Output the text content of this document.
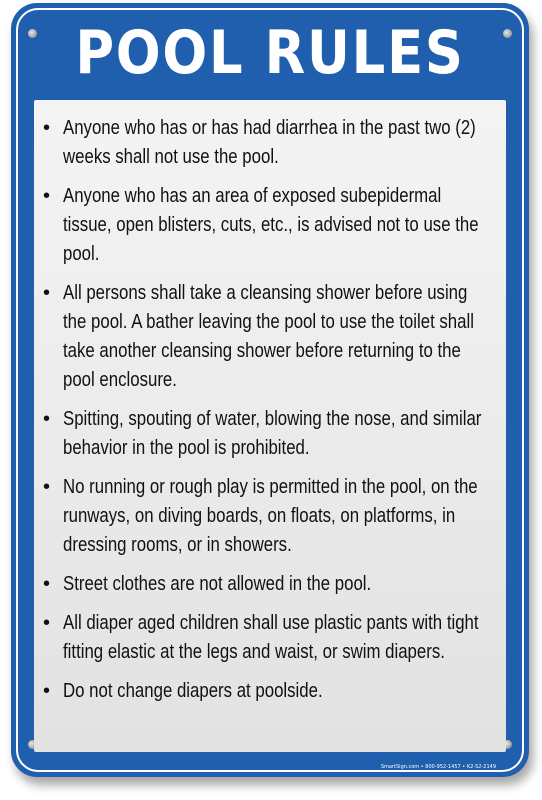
POOL RULES
• Anyone who has or has had diarrhea in the past two (2) weeks shall not use the pool.
• Anyone who has an area of exposed subepidermal tissue, open blisters, cuts, etc., is advised not to use the pool.
• All persons shall take a cleansing shower before using the pool. A bather leaving the pool to use the toilet shall take another cleansing shower before returning to the pool enclosure.
• Spitting, spouting of water, blowing the nose, and similar behavior in the pool is prohibited.
• No running or rough play is permitted in the pool, on the runways, on diving boards, on floats, on platforms, in dressing rooms, or in showers.
• Street clothes are not allowed in the pool.
• All diaper aged children shall use plastic pants with tight fitting elastic at the legs and waist, or swim diapers.
• Do not change diapers at poolside.
SmartSign.com • 800-952-1457 • K2-S2-2149
